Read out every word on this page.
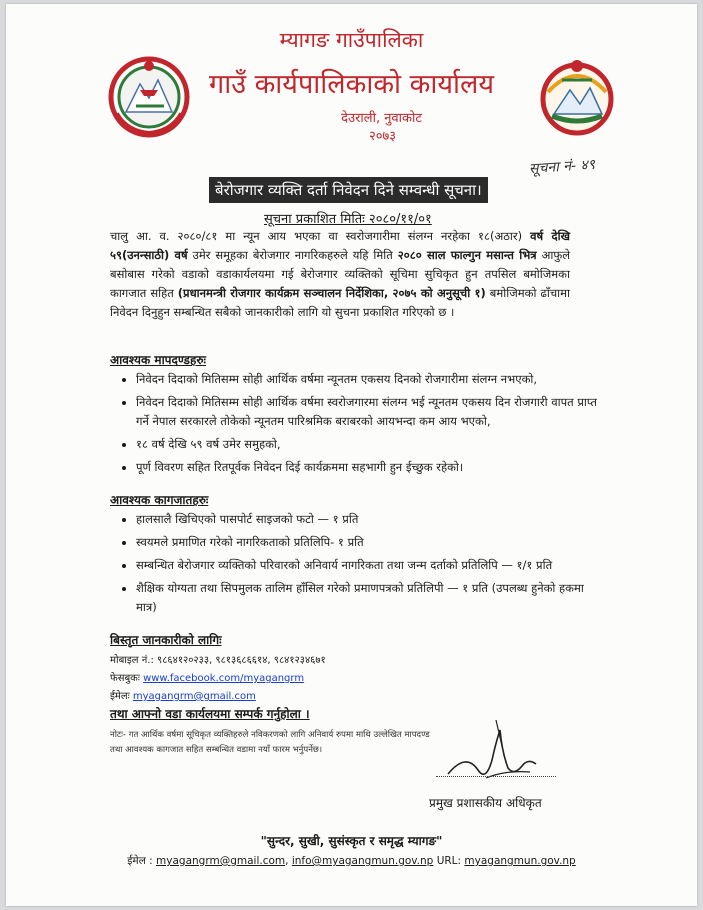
म्यागङ गाउँपालिका
गाउँ कार्यपालिकाको कार्यालय
देउराली, नुवाकोट
२०७३
सूचना नं- ४९
बेरोजगार व्यक्ति दर्ता निवेदन दिने सम्वन्धी सूचना।
सूचना प्रकाशित मितिः २०८०/११/०१

चालु आ. व. २०८०/८१ मा न्यून आय भएका वा स्वरोजगारीमा संलग्न नरहेका १८(अठार) वर्ष देखि ५९(उनन्साठी) वर्ष उमेर समूहका बेरोजगार नागरिकहरुले यहि मिति २०८० साल फाल्गुन मसान्त भित्र आफुले बसोबास गरेको वडाको वडाकार्यलयमा गई बेरोजगार व्यक्तिको सूचिमा सुचिकृत हुन तपसिल बमोजिमका कागजात सहित (प्रधानमन्त्री रोजगार कार्यक्रम सञ्चालन निर्देशिका, २०७५ को अनुसूची १) बमोजिमको ढाँचामा निवेदन दिनुहुन सम्बन्धित सबैको जानकारीको लागि यो सुचना प्रकाशित गरिएको छ ।

आवश्यक मापदण्डहरुः
• निवेदन दिदाको मितिसम्म सोही आर्थिक वर्षमा न्यूनतम एकसय दिनको रोजगारीमा संलग्न नभएको,
• निवेदन दिदाको मितिसम्म सोही आर्थिक वर्षमा स्वरोजगारमा संलग्न भई न्यूनतम एकसय दिन रोजगारी वापत प्राप्त गर्ने नेपाल सरकारले तोकेको न्यूनतम पारिश्रमिक बराबरको आयभन्दा कम आय भएको,
• १८ वर्ष देखि ५९ वर्ष उमेर समुहको,
• पूर्ण विवरण सहित रितपूर्वक निवेदन दिई कार्यक्रममा सहभागी हुन ईच्छुक रहेको।
आवश्यक कागजातहरुः
• हालसालै खिचिएको पासपोर्ट साइजको फटो — १ प्रति
• स्वयमले प्रमाणित गरेको नागरिकताको प्रतिलिपि- १ प्रति
• सम्बन्धित बेरोजगार व्यक्तिको परिवारको अनिवार्य नागरिकता तथा जन्म दर्ताको प्रतिलिपि — १/१ प्रति
• शैक्षिक योग्यता तथा सिपमुलक तालिम हाँसिल गरेको प्रमाणपत्रको प्रतिलिपी — १ प्रति (उपलब्ध हुनेको हकमा मात्र)
बिस्तृत जानकारीको लागिः
मोबाइल नं.: ९८६४१२०२३३, ९८१३६८६६१४, ९८४१२३४६७१
फेसबुकः www.facebook.com/myagangrm
ईमेलः myagangrm@gmail.com
तथा आफ्नो वडा कार्यलयमा सम्पर्क गर्नुहोला ।

नोटः- गत आर्थिक वर्षमा सूचिकृत व्यक्तिहरुले नविकरणको लागि अनिवार्य रुपमा माथि उल्लेखित मापदण्ड तथा आवश्यक कागजात सहित सम्बन्धित वडामा नयाँ फारम भर्नुपर्नेछ।

प्रमुख प्रशासकीय अधिकृत
"सुन्दर, सुखी, सुसंस्कृत र समृद्ध म्यागङ"
ईमेल : myagangrm@gmail.com, info@myagangmun.gov.np URL: myagangmun.gov.np
